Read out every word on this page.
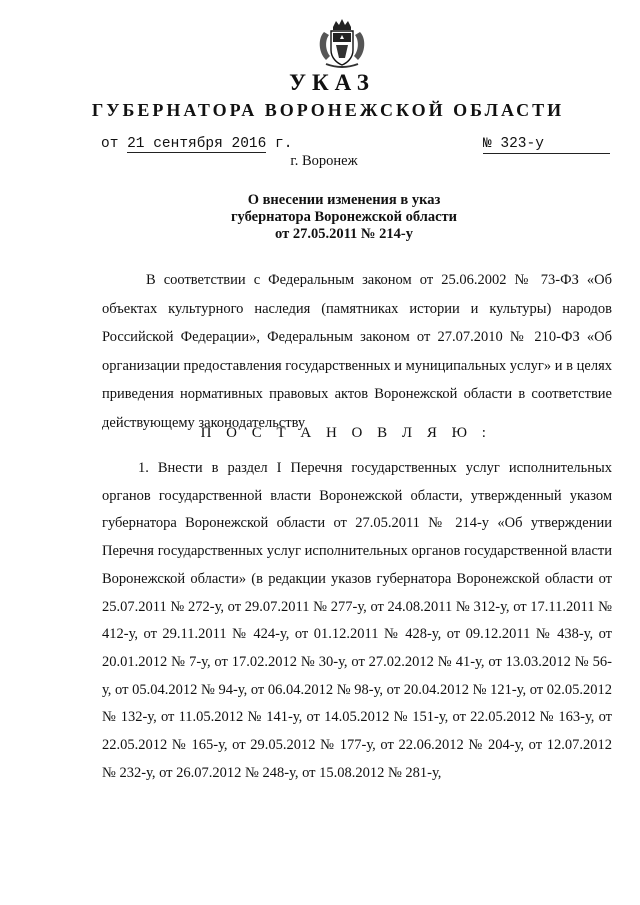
УКАЗ
ГУБЕРНАТОРА ВОРОНЕЖСКОЙ ОБЛАСТИ
от 21 сентября 2016 г.	№ 323-у
г. Воронеж
О внесении изменения в указ
губернатора Воронежской области
от 27.05.2011 № 214-у
В соответствии с Федеральным законом от 25.06.2002 № 73-ФЗ «Об объектах культурного наследия (памятниках истории и культуры) народов Российской Федерации», Федеральным законом от 27.07.2010 № 210-ФЗ «Об организации предоставления государственных и муниципальных услуг» и в целях приведения нормативных правовых актов Воронежской области в соответствие действующему законодательству
П О С Т А Н О В Л Я Ю :
1. Внести в раздел I Перечня государственных услуг исполнительных органов государственной власти Воронежской области, утвержденный указом губернатора Воронежской области от 27.05.2011 № 214-у «Об утверждении Перечня государственных услуг исполнительных органов государственной власти Воронежской области» (в редакции указов губернатора Воронежской области от 25.07.2011 № 272-у, от 29.07.2011 № 277-у, от 24.08.2011 № 312-у, от 17.11.2011 № 412-у, от 29.11.2011 № 424-у, от 01.12.2011 № 428-у, от 09.12.2011 № 438-у, от 20.01.2012 № 7-у, от 17.02.2012 № 30-у, от 27.02.2012 № 41-у, от 13.03.2012 № 56-у, от 05.04.2012 № 94-у, от 06.04.2012 № 98-у, от 20.04.2012 № 121-у, от 02.05.2012 № 132-у, от 11.05.2012 № 141-у, от 14.05.2012 № 151-у, от 22.05.2012 № 163-у, от 22.05.2012 № 165-у, от 29.05.2012 № 177-у, от 22.06.2012 № 204-у, от 12.07.2012 № 232-у, от 26.07.2012 № 248-у, от 15.08.2012 № 281-у,
